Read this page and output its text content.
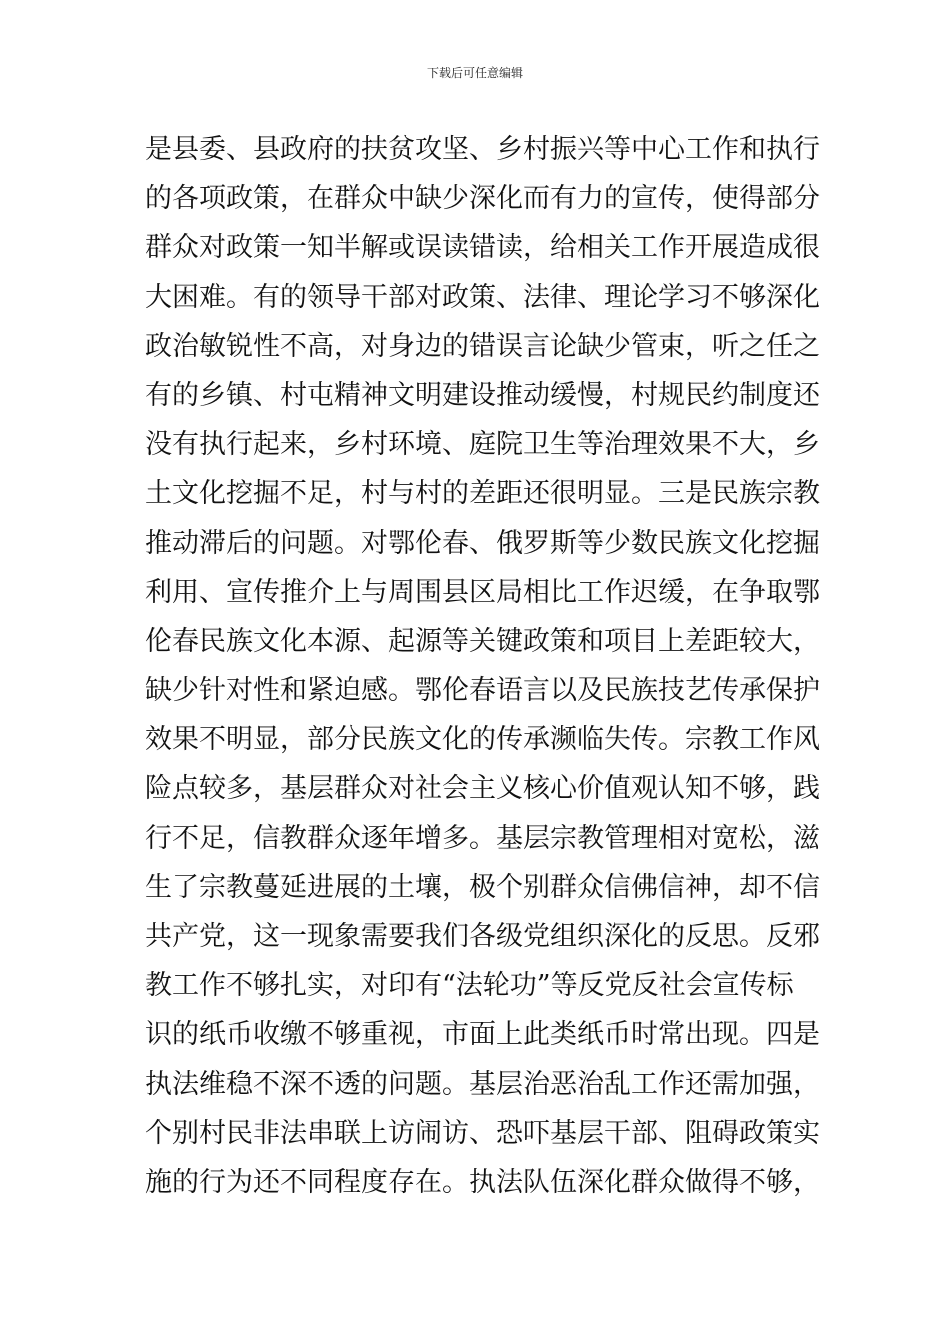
下载后可任意编辑
是县委、县政府的扶贫攻坚、乡村振兴等中心工作和执行
的各项政策，在群众中缺少深化而有力的宣传，使得部分
群众对政策一知半解或误读错读，给相关工作开展造成很
大困难。有的领导干部对政策、法律、理论学习不够深化
政治敏锐性不高，对身边的错误言论缺少管束，听之任之
有的乡镇、村屯精神文明建设推动缓慢，村规民约制度还
没有执行起来，乡村环境、庭院卫生等治理效果不大，乡
土文化挖掘不足，村与村的差距还很明显。三是民族宗教
推动滞后的问题。对鄂伦春、俄罗斯等少数民族文化挖掘
利用、宣传推介上与周围县区局相比工作迟缓，在争取鄂
伦春民族文化本源、起源等关键政策和项目上差距较大，
缺少针对性和紧迫感。鄂伦春语言以及民族技艺传承保护
效果不明显，部分民族文化的传承濒临失传。宗教工作风
险点较多，基层群众对社会主义核心价值观认知不够，践
行不足，信教群众逐年增多。基层宗教管理相对宽松，滋
生了宗教蔓延进展的土壤，极个别群众信佛信神，却不信
共产党，这一现象需要我们各级党组织深化的反思。反邪
教工作不够扎实，对印有“法轮功”等反党反社会宣传标
识的纸币收缴不够重视，市面上此类纸币时常出现。四是
执法维稳不深不透的问题。基层治恶治乱工作还需加强，
个别村民非法串联上访闹访、恐吓基层干部、阻碍政策实
施的行为还不同程度存在。执法队伍深化群众做得不够，
